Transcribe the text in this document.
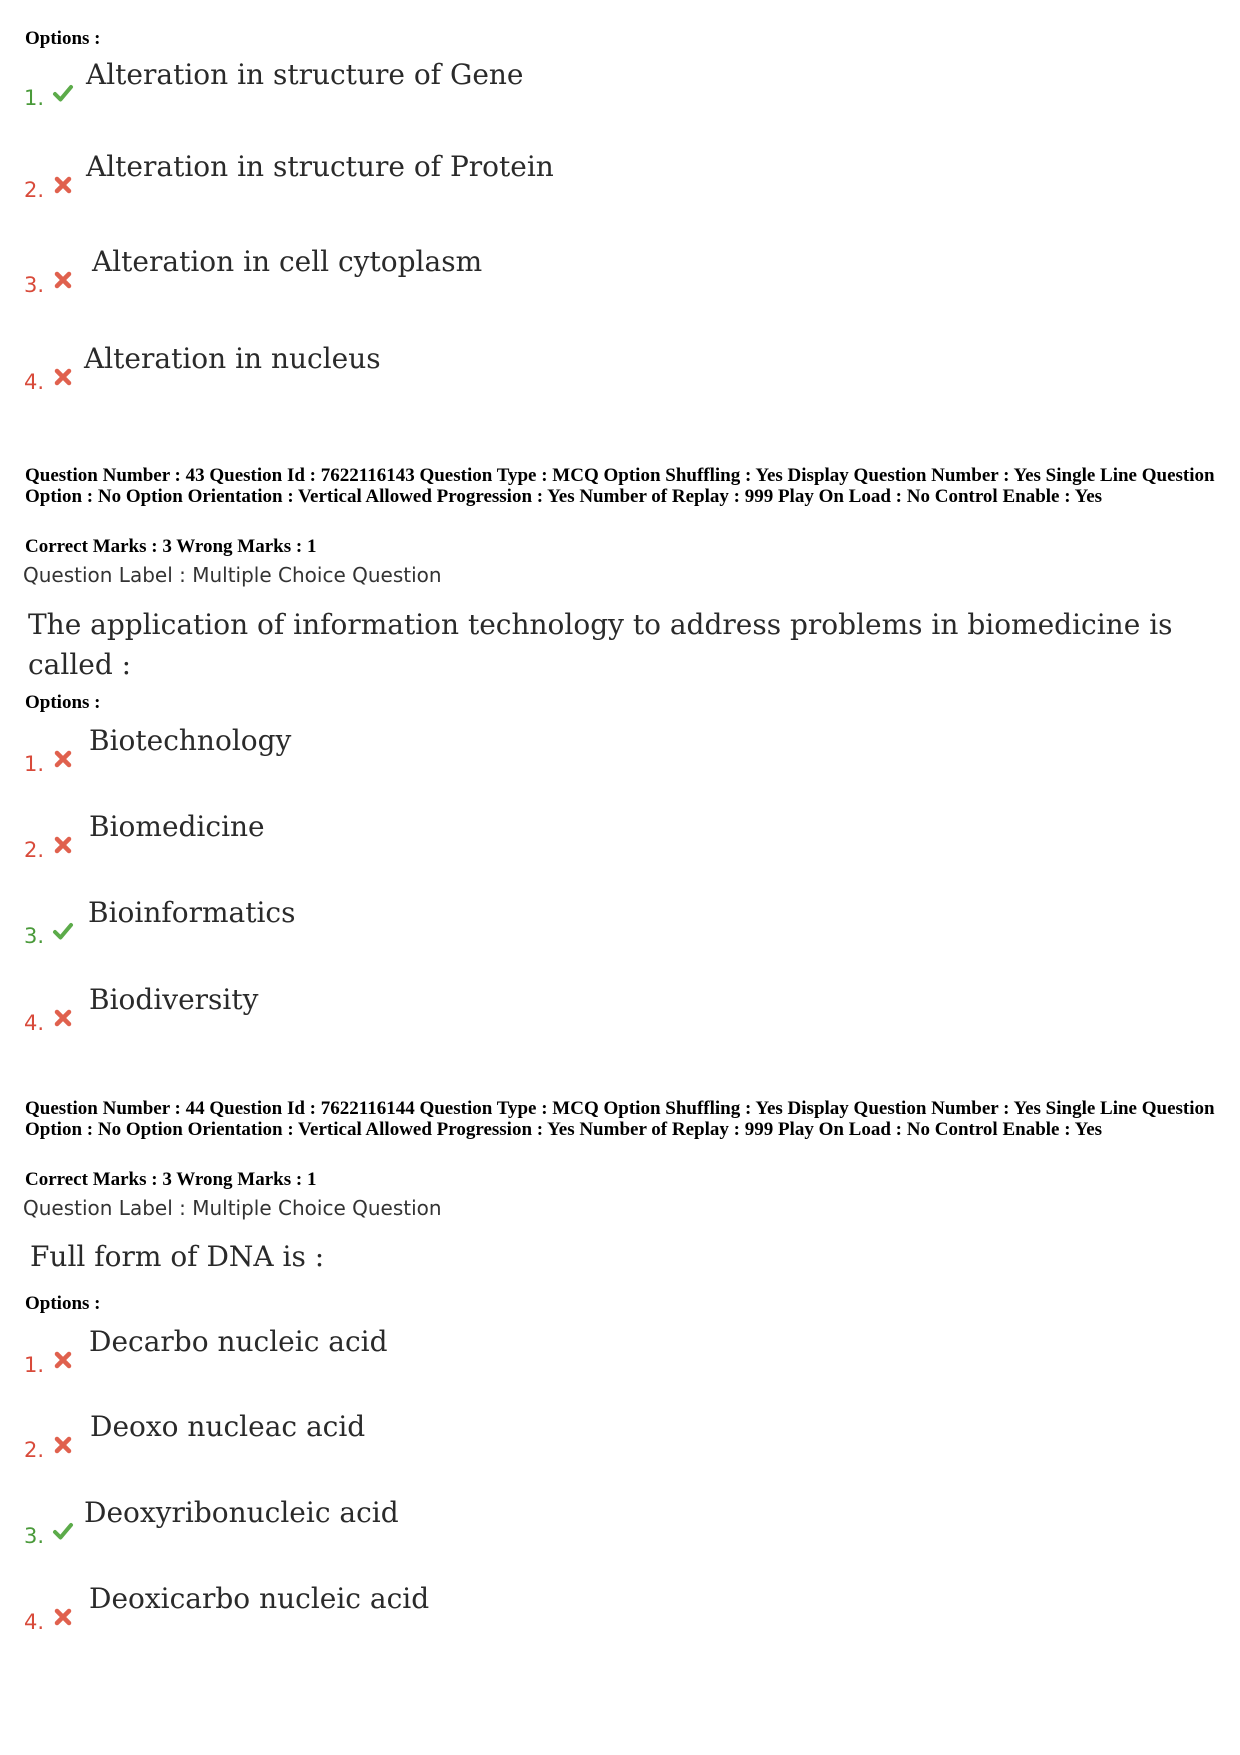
Options :
1.
Alteration in structure of Gene
2.
Alteration in structure of Protein
3.
Alteration in cell cytoplasm
4.
Alteration in nucleus
Question Number : 43 Question Id : 7622116143 Question Type : MCQ Option Shuffling : Yes Display Question Number : Yes Single Line Question Option : No Option Orientation : Vertical Allowed Progression : Yes Number of Replay : 999 Play On Load : No Control Enable : Yes
Correct Marks : 3 Wrong Marks : 1
Question Label : Multiple Choice Question
The application of information technology to address problems in biomedicine is called :
Options :
1.
Biotechnology
2.
Biomedicine
3.
Bioinformatics
4.
Biodiversity
Question Number : 44 Question Id : 7622116144 Question Type : MCQ Option Shuffling : Yes Display Question Number : Yes Single Line Question Option : No Option Orientation : Vertical Allowed Progression : Yes Number of Replay : 999 Play On Load : No Control Enable : Yes
Correct Marks : 3 Wrong Marks : 1
Question Label : Multiple Choice Question
Full form of DNA is :
Options :
1.
Decarbo nucleic acid
2.
Deoxo nucleac acid
3.
Deoxyribonucleic acid
4.
Deoxicarbo nucleic acid
